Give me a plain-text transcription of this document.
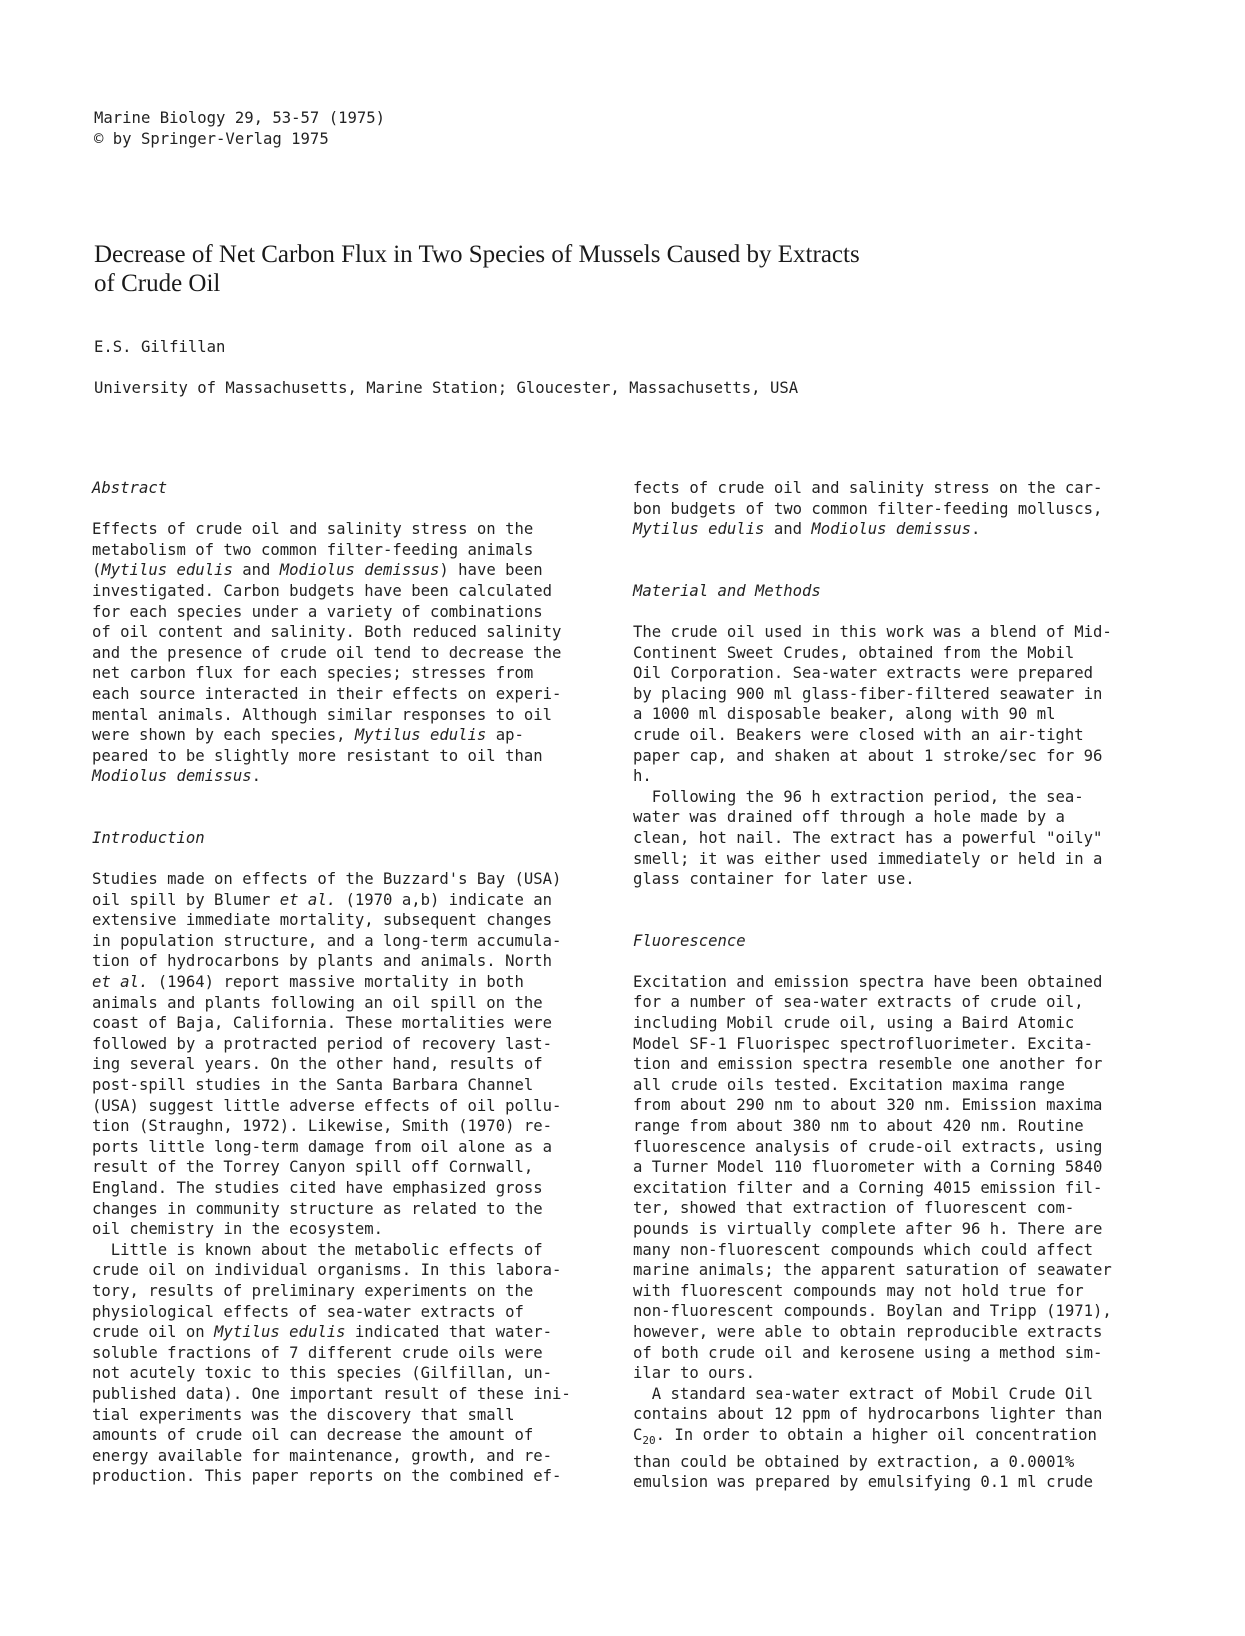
Marine Biology 29, 53-57 (1975)
© by Springer-Verlag 1975
Decrease of Net Carbon Flux in Two Species of Mussels Caused by Extracts
of Crude Oil
E.S. Gilfillan
University of Massachusetts, Marine Station; Gloucester, Massachusetts, USA

Abstract

Effects of crude oil and salinity stress on the
metabolism of two common filter-feeding animals
(Mytilus edulis and Modiolus demissus) have been
investigated. Carbon budgets have been calculated
for each species under a variety of combinations
of oil content and salinity. Both reduced salinity
and the presence of crude oil tend to decrease the
net carbon flux for each species; stresses from
each source interacted in their effects on experi-
mental animals. Although similar responses to oil
were shown by each species, Mytilus edulis ap-
peared to be slightly more resistant to oil than
Modiolus demissus.

Introduction

Studies made on effects of the Buzzard's Bay (USA)
oil spill by Blumer et al. (1970 a,b) indicate an
extensive immediate mortality, subsequent changes
in population structure, and a long-term accumula-
tion of hydrocarbons by plants and animals. North
et al. (1964) report massive mortality in both
animals and plants following an oil spill on the
coast of Baja, California. These mortalities were
followed by a protracted period of recovery last-
ing several years. On the other hand, results of
post-spill studies in the Santa Barbara Channel
(USA) suggest little adverse effects of oil pollu-
tion (Straughn, 1972). Likewise, Smith (1970) re-
ports little long-term damage from oil alone as a
result of the Torrey Canyon spill off Cornwall,
England. The studies cited have emphasized gross
changes in community structure as related to the
oil chemistry in the ecosystem.
Little is known about the metabolic effects of
crude oil on individual organisms. In this labora-
tory, results of preliminary experiments on the
physiological effects of sea-water extracts of
crude oil on Mytilus edulis indicated that water-
soluble fractions of 7 different crude oils were
not acutely toxic to this species (Gilfillan, un-
published data). One important result of these ini-
tial experiments was the discovery that small
amounts of crude oil can decrease the amount of
energy available for maintenance, growth, and re-
production. This paper reports on the combined ef-
fects of crude oil and salinity stress on the car-
bon budgets of two common filter-feeding molluscs,
Mytilus edulis and Modiolus demissus.

Material and Methods

The crude oil used in this work was a blend of Mid-
Continent Sweet Crudes, obtained from the Mobil
Oil Corporation. Sea-water extracts were prepared
by placing 900 ml glass-fiber-filtered seawater in
a 1000 ml disposable beaker, along with 90 ml
crude oil. Beakers were closed with an air-tight
paper cap, and shaken at about 1 stroke/sec for 96
h.
Following the 96 h extraction period, the sea-
water was drained off through a hole made by a
clean, hot nail. The extract has a powerful "oily"
smell; it was either used immediately or held in a
glass container for later use.

Fluorescence

Excitation and emission spectra have been obtained
for a number of sea-water extracts of crude oil,
including Mobil crude oil, using a Baird Atomic
Model SF-1 Fluorispec spectrofluorimeter. Excita-
tion and emission spectra resemble one another for
all crude oils tested. Excitation maxima range
from about 290 nm to about 320 nm. Emission maxima
range from about 380 nm to about 420 nm. Routine
fluorescence analysis of crude-oil extracts, using
a Turner Model 110 fluorometer with a Corning 5840
excitation filter and a Corning 4015 emission fil-
ter, showed that extraction of fluorescent com-
pounds is virtually complete after 96 h. There are
many non-fluorescent compounds which could affect
marine animals; the apparent saturation of seawater
with fluorescent compounds may not hold true for
non-fluorescent compounds. Boylan and Tripp (1971),
however, were able to obtain reproducible extracts
of both crude oil and kerosene using a method sim-
ilar to ours.
A standard sea-water extract of Mobil Crude Oil
contains about 12 ppm of hydrocarbons lighter than
$C_{20}$. In order to obtain a higher oil concentration
than could be obtained by extraction, a 0.0001%
emulsion was prepared by emulsifying 0.1 ml crude
